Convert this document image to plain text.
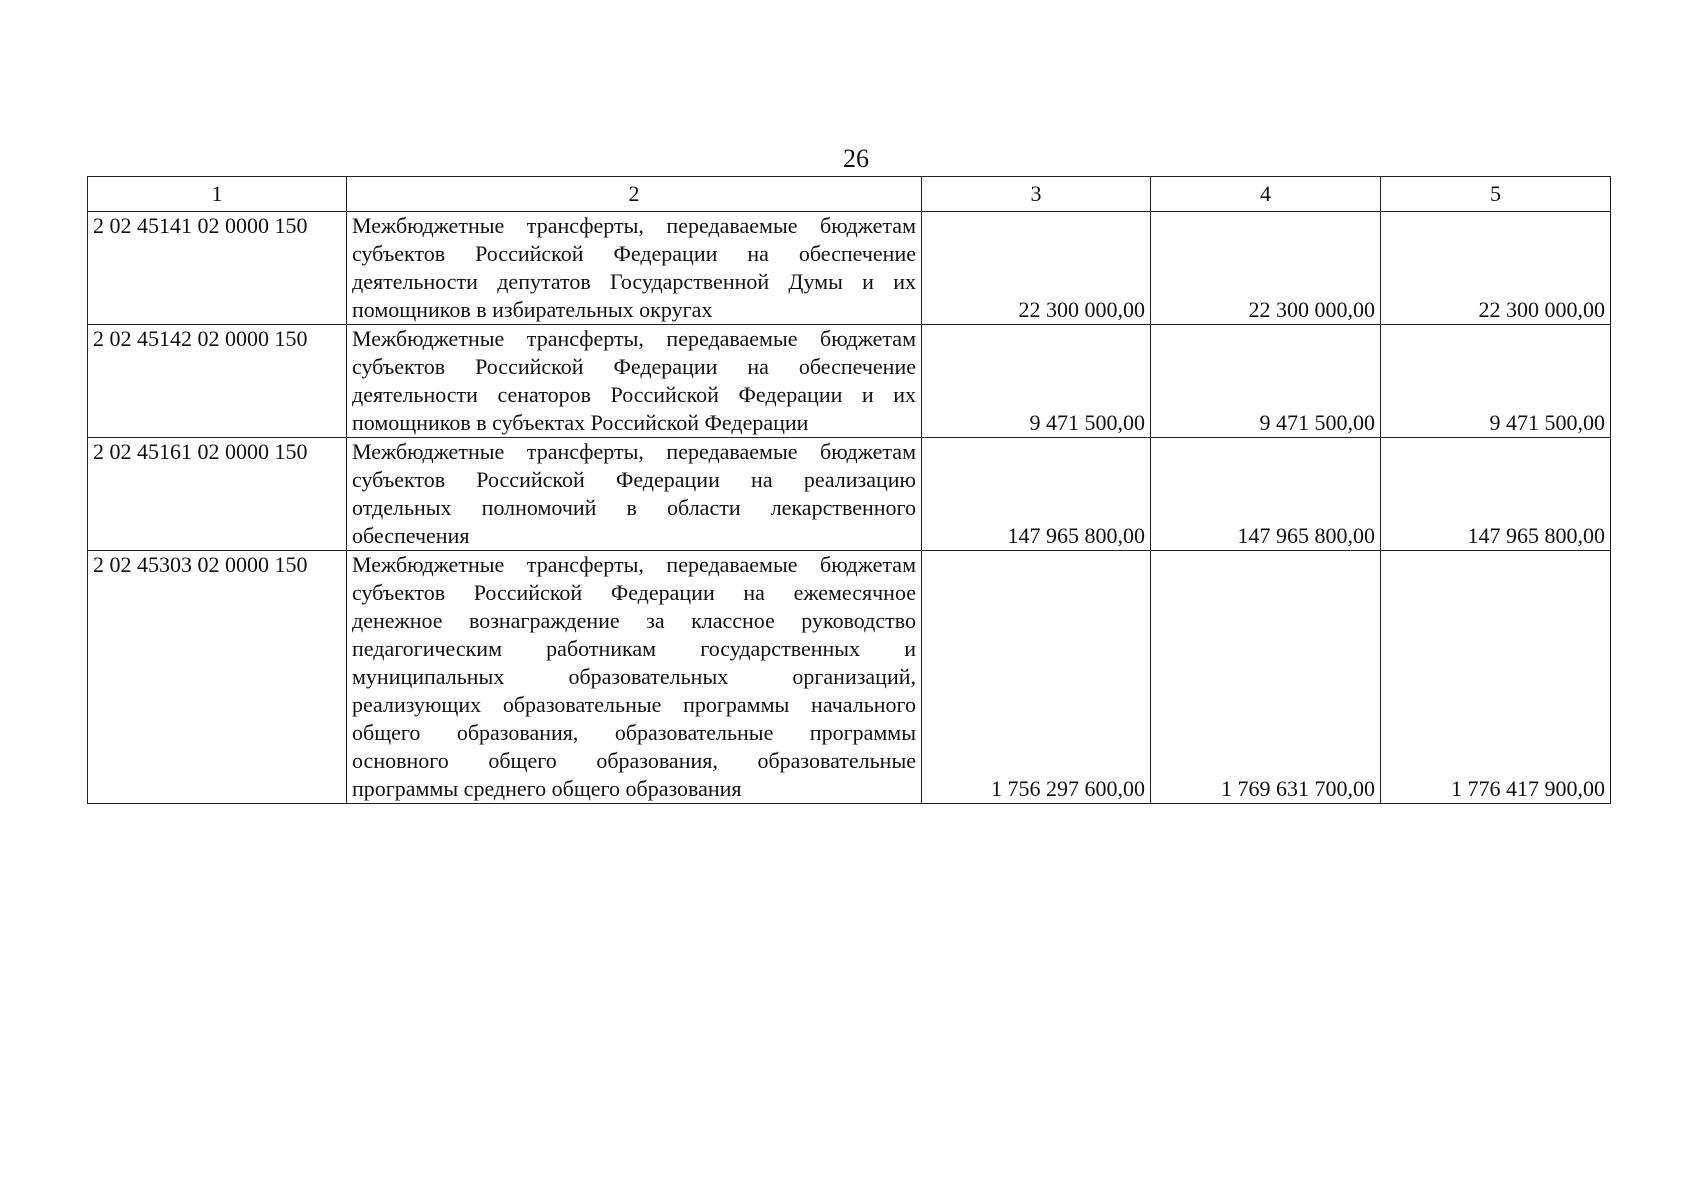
26
1	2	3	4	5
2 02 45141 02 0000 150	Межбюджетные трансферты, передаваемые бюджетам субъектов Российской Федерации на обеспечение деятельности депутатов Государственной Думы и их помощников в избирательных округах	22 300 000,00	22 300 000,00	22 300 000,00
2 02 45142 02 0000 150	Межбюджетные трансферты, передаваемые бюджетам субъектов Российской Федерации на обеспечение деятельности сенаторов Российской Федерации и их помощников в субъектах Российской Федерации	9 471 500,00	9 471 500,00	9 471 500,00
2 02 45161 02 0000 150	Межбюджетные трансферты, передаваемые бюджетам субъектов Российской Федерации на реализацию отдельных полномочий в области лекарственного обеспечения	147 965 800,00	147 965 800,00	147 965 800,00
2 02 45303 02 0000 150	Межбюджетные трансферты, передаваемые бюджетам субъектов Российской Федерации на ежемесячное денежное вознаграждение за классное руководство педагогическим работникам государственных и муниципальных образовательных организаций, реализующих образовательные программы начального общего образования, образовательные программы основного общего образования, образовательные программы среднего общего образования	1 756 297 600,00	1 769 631 700,00	1 776 417 900,00
